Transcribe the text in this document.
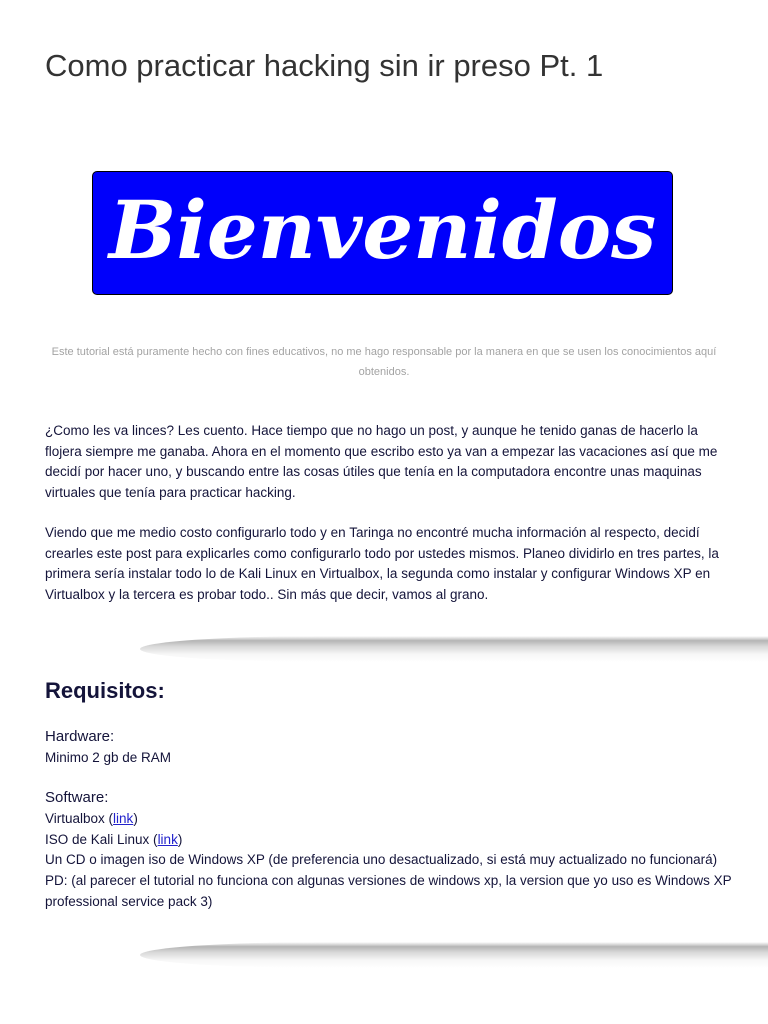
Como practicar hacking sin ir preso Pt. 1
Bienvenidos

Este tutorial está puramente hecho con fines educativos, no me hago responsable por la manera en que se usen los conocimientos aquí obtenidos.

¿Como les va linces? Les cuento. Hace tiempo que no hago un post, y aunque he tenido ganas de hacerlo la flojera siempre me ganaba. Ahora en el momento que escribo esto ya van a empezar las vacaciones así que me decidí por hacer uno, y buscando entre las cosas útiles que tenía en la computadora encontre unas maquinas virtuales que tenía para practicar hacking.

Viendo que me medio costo configurarlo todo y en Taringa no encontré mucha información al respecto, decidí crearles este post para explicarles como configurarlo todo por ustedes mismos. Planeo dividirlo en tres partes, la primera sería instalar todo lo de Kali Linux en Virtualbox, la segunda como instalar y configurar Windows XP en Virtualbox y la tercera es probar todo.. Sin más que decir, vamos al grano.

Requisitos:
Hardware:

Minimo 2 gb de RAM

Software:

Virtualbox (link)

ISO de Kali Linux (link)

Un CD o imagen iso de Windows XP (de preferencia uno desactualizado, si está muy actualizado no funcionará)

PD: (al parecer el tutorial no funciona con algunas versiones de windows xp, la version que yo uso es Windows XP professional service pack 3)
